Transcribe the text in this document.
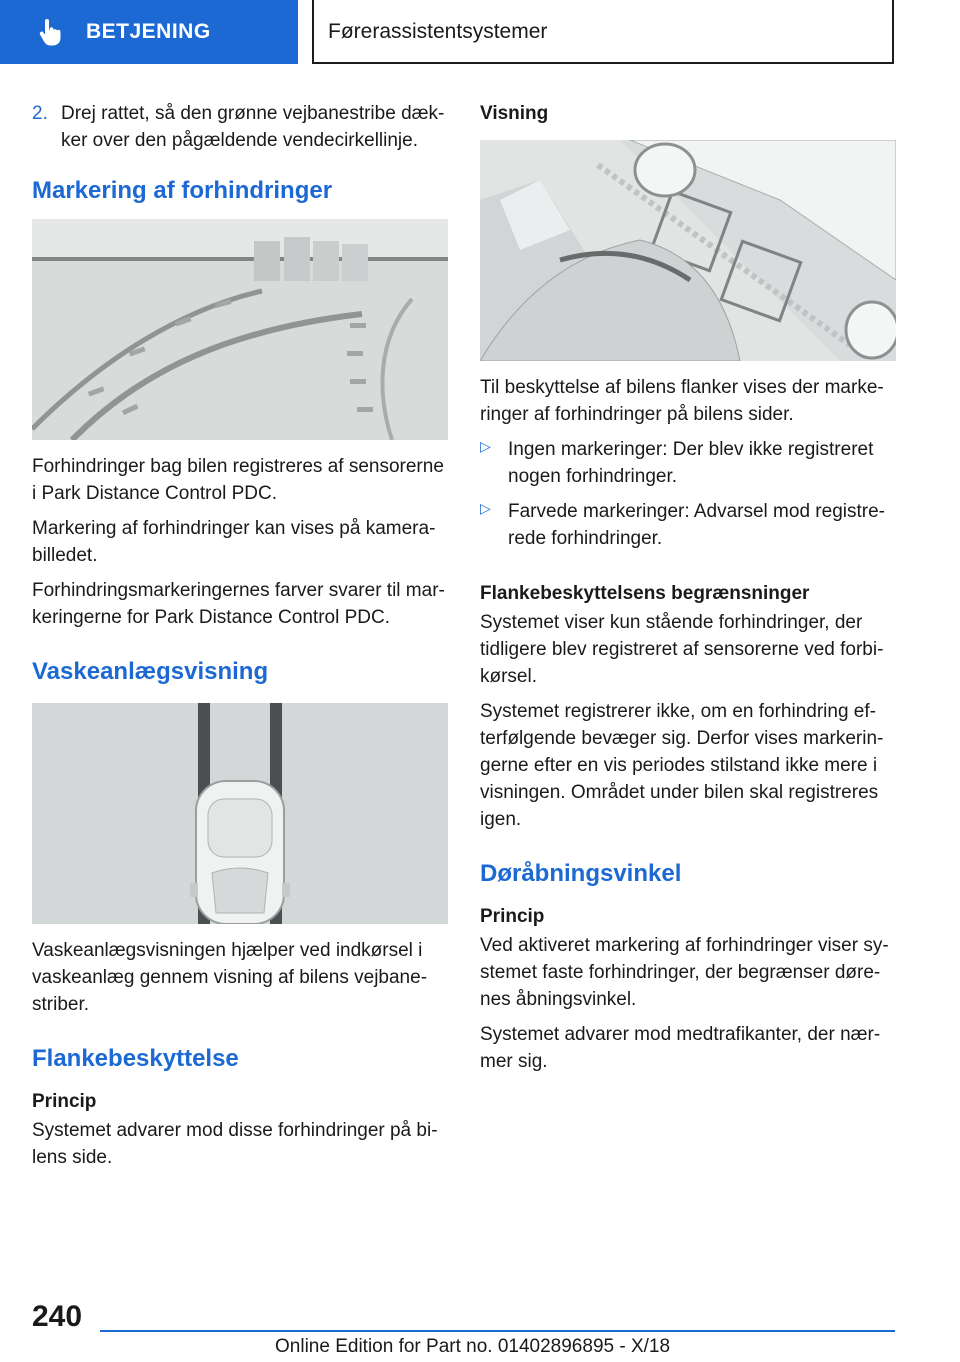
BETJENING	Førerassistentsystemer
2. Drej rattet, så den grønne vejbanestribe dækker over den pågældende vendecirkellinje.
Markering af forhindringer

Forhindringer bag bilen registreres af sensorerne i Park Distance Control PDC.

Markering af forhindringer kan vises på kamerabilledet.

Forhindringsmarkeringernes farver svarer til markeringerne for Park Distance Control PDC.

Vaskeanlægsvisning

Vaskeanlægsvisningen hjælper ved indkørsel i vaskeanlæg gennem visning af bilens vejbanestriber.

Flankebeskyttelse
Princip

Systemet advarer mod disse forhindringer på bilens side.

Visning

Til beskyttelse af bilens flanker vises der markeringer af forhindringer på bilens sider.

▷ Ingen markeringer: Der blev ikke registreret nogen forhindringer.
▷ Farvede markeringer: Advarsel mod registrerede forhindringer.
Flankebeskyttelsens begrænsninger

Systemet viser kun stående forhindringer, der tidligere blev registreret af sensorerne ved forbikørsel.

Systemet registrerer ikke, om en forhindring efterfølgende bevæger sig. Derfor vises markeringerne efter en vis periodes stilstand ikke mere i visningen. Området under bilen skal registreres igen.

Døråbningsvinkel
Princip

Ved aktiveret markering af forhindringer viser systemet faste forhindringer, der begrænser dørenes åbningsvinkel.

Systemet advarer mod medtrafikanter, der nærmer sig.

240
Online Edition for Part no. 01402896895 - X/18
